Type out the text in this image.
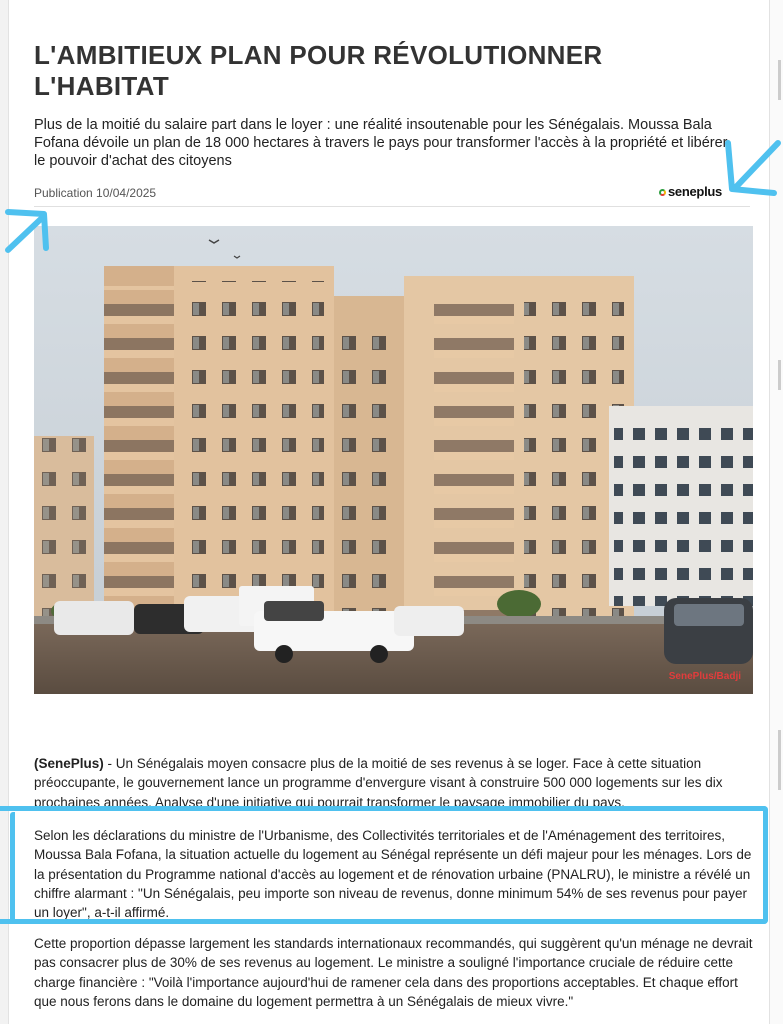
L'AMBITIEUX PLAN POUR RÉVOLUTIONNER L'HABITAT

Plus de la moitié du salaire part dans le loyer : une réalité insoutenable pour les Sénégalais. Moussa Bala Fofana dévoile un plan de 18 000 hectares à travers le pays pour transformer l'accès à la propriété et libérer le pouvoir d'achat des citoyens

Publication 10/04/2025	seneplus
SenePlus/Badji

(SenePlus) - Un Sénégalais moyen consacre plus de la moitié de ses revenus à se loger. Face à cette situation préoccupante, le gouvernement lance un programme d'envergure visant à construire 500 000 logements sur les dix prochaines années. Analyse d'une initiative qui pourrait transformer le paysage immobilier du pays.

Selon les déclarations du ministre de l'Urbanisme, des Collectivités territoriales et de l'Aménagement des territoires, Moussa Bala Fofana, la situation actuelle du logement au Sénégal représente un défi majeur pour les ménages. Lors de la présentation du Programme national d'accès au logement et de rénovation urbaine (PNALRU), le ministre a révélé un chiffre alarmant : "Un Sénégalais, peu importe son niveau de revenus, donne minimum 54% de ses revenus pour payer un loyer", a-t-il affirmé.

Cette proportion dépasse largement les standards internationaux recommandés, qui suggèrent qu'un ménage ne devrait pas consacrer plus de 30% de ses revenus au logement. Le ministre a souligné l'importance cruciale de réduire cette charge financière : "Voilà l'importance aujourd'hui de ramener cela dans des proportions acceptables. Et chaque effort que nous ferons dans le domaine du logement permettra à un Sénégalais de mieux vivre."
